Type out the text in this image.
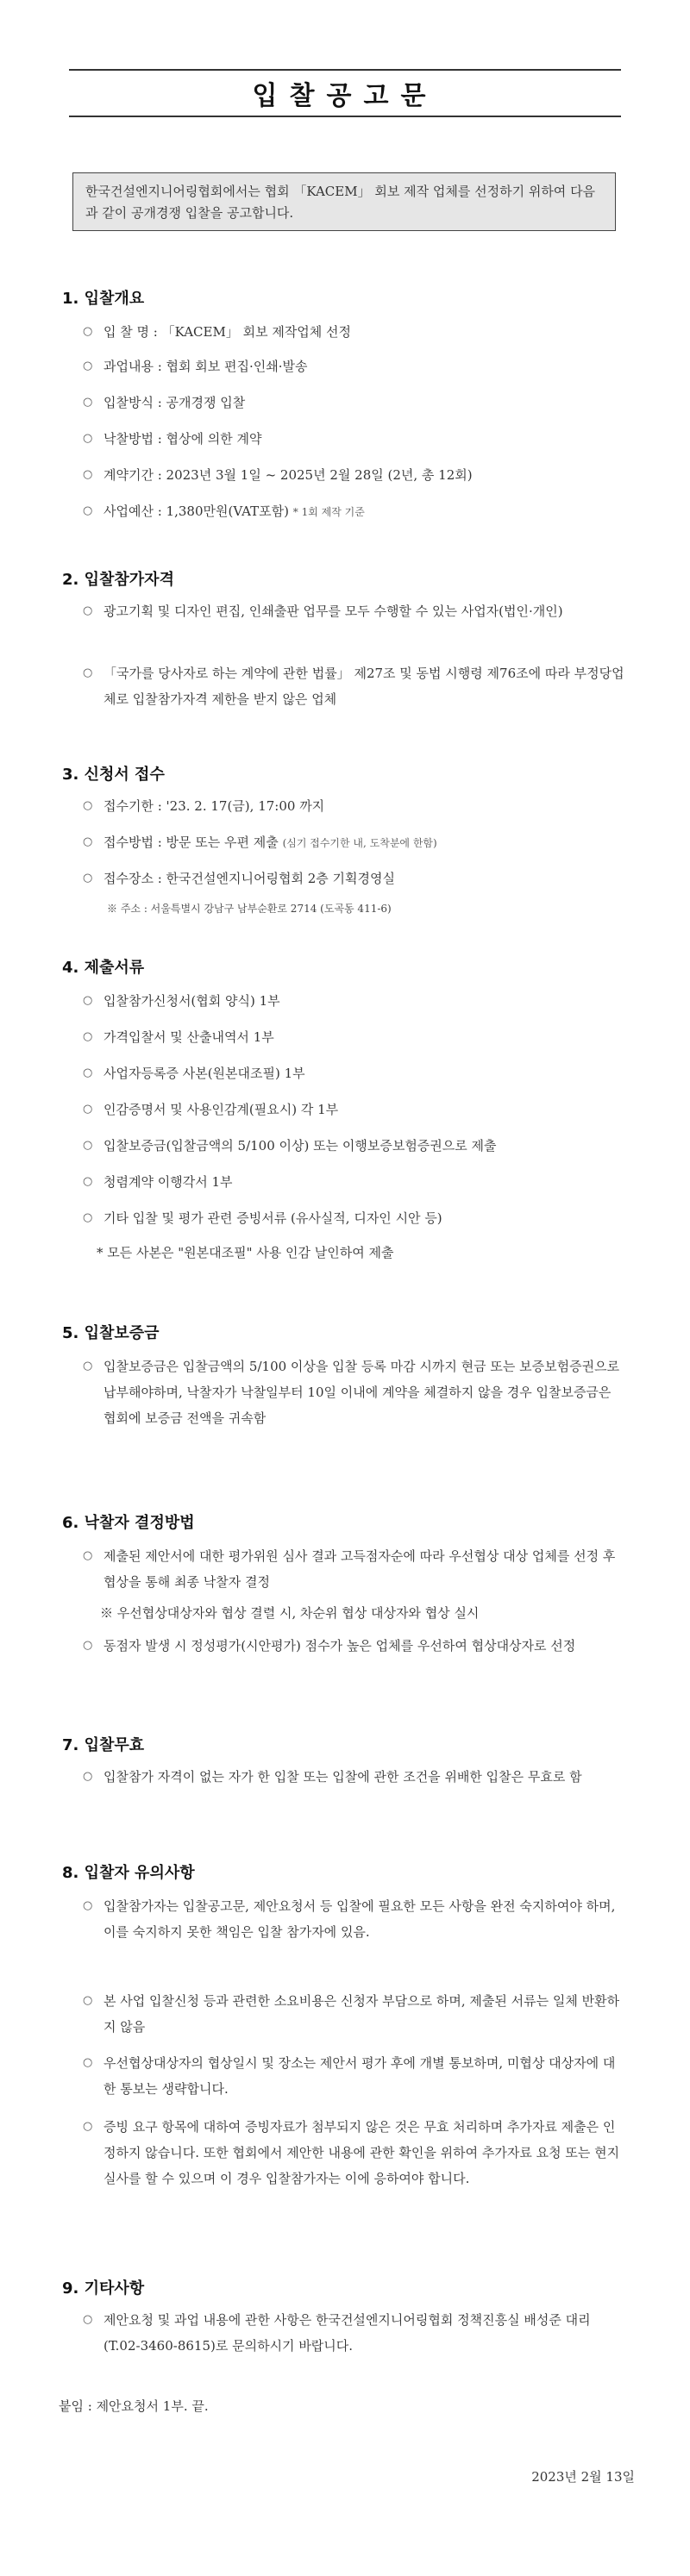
입찰공고문
한국건설엔지니어링협회에서는 협회 「KACEM」 회보 제작 업체를 선정하기 위하여 다음과 같이 공개경쟁 입찰을 공고합니다.
1. 입찰개요
○ 입 찰 명 : 「KACEM」 회보 제작업체 선정
○ 과업내용 : 협회 회보 편집·인쇄·발송
○ 입찰방식 : 공개경쟁 입찰
○ 낙찰방법 : 협상에 의한 계약
○ 계약기간 : 2023년 3월 1일 ~ 2025년 2월 28일 (2년, 총 12회)
○ 사업예산 : 1,380만원(VAT포함) * 1회 제작 기준
2. 입찰참가자격
○ 광고기획 및 디자인 편집, 인쇄출판 업무를 모두 수행할 수 있는 사업자(법인·개인)
○ 「국가를 당사자로 하는 계약에 관한 법률」 제27조 및 동법 시행령 제76조에 따라 부정당업체로 입찰참가자격 제한을 받지 않은 업체
3. 신청서 접수
○ 접수기한 : '23. 2. 17(금), 17:00 까지
○ 접수방법 : 방문 또는 우편 제출 (심기 접수기한 내, 도착분에 한함)
○ 접수장소 : 한국건설엔지니어링협회 2층 기획경영실
※ 주소 : 서울특별시 강남구 남부순환로 2714 (도곡동 411-6)
4. 제출서류
○ 입찰참가신청서(협회 양식) 1부
○ 가격입찰서 및 산출내역서 1부
○ 사업자등록증 사본(원본대조필) 1부
○ 인감증명서 및 사용인감계(필요시) 각 1부
○ 입찰보증금(입찰금액의 5/100 이상) 또는 이행보증보험증권으로 제출
○ 청렴계약 이행각서 1부
○ 기타 입찰 및 평가 관련 증빙서류 (유사실적, 디자인 시안 등)
* 모든 사본은 "원본대조필" 사용 인감 날인하여 제출
5. 입찰보증금
○ 입찰보증금은 입찰금액의 5/100 이상을 입찰 등록 마감 시까지 현금 또는 보증보험증권으로 납부해야하며, 낙찰자가 낙찰일부터 10일 이내에 계약을 체결하지 않을 경우 입찰보증금은 협회에 보증금 전액을 귀속함
6. 낙찰자 결정방법
○ 제출된 제안서에 대한 평가위원 심사 결과 고득점자순에 따라 우선협상 대상 업체를 선정 후 협상을 통해 최종 낙찰자 결정
※ 우선협상대상자와 협상 결렬 시, 차순위 협상 대상자와 협상 실시
○ 동점자 발생 시 정성평가(시안평가) 점수가 높은 업체를 우선하여 협상대상자로 선정
7. 입찰무효
○ 입찰참가 자격이 없는 자가 한 입찰 또는 입찰에 관한 조건을 위배한 입찰은 무효로 함
8. 입찰자 유의사항
○ 입찰참가자는 입찰공고문, 제안요청서 등 입찰에 필요한 모든 사항을 완전 숙지하여야 하며, 이를 숙지하지 못한 책임은 입찰 참가자에 있음.
○ 본 사업 입찰신청 등과 관련한 소요비용은 신청자 부담으로 하며, 제출된 서류는 일체 반환하지 않음
○ 우선협상대상자의 협상일시 및 장소는 제안서 평가 후에 개별 통보하며, 미협상 대상자에 대한 통보는 생략합니다.
○ 증빙 요구 항목에 대하여 증빙자료가 첨부되지 않은 것은 무효 처리하며 추가자료 제출은 인정하지 않습니다. 또한 협회에서 제안한 내용에 관한 확인을 위하여 추가자료 요청 또는 현지실사를 할 수 있으며 이 경우 입찰참가자는 이에 응하여야 합니다.
9. 기타사항
○ 제안요청 및 과업 내용에 관한 사항은 한국건설엔지니어링협회 정책진흥실 배성준 대리 (T.02-3460-8615)로 문의하시기 바랍니다.
붙임 : 제안요청서 1부. 끝.
2023년 2월 13일
